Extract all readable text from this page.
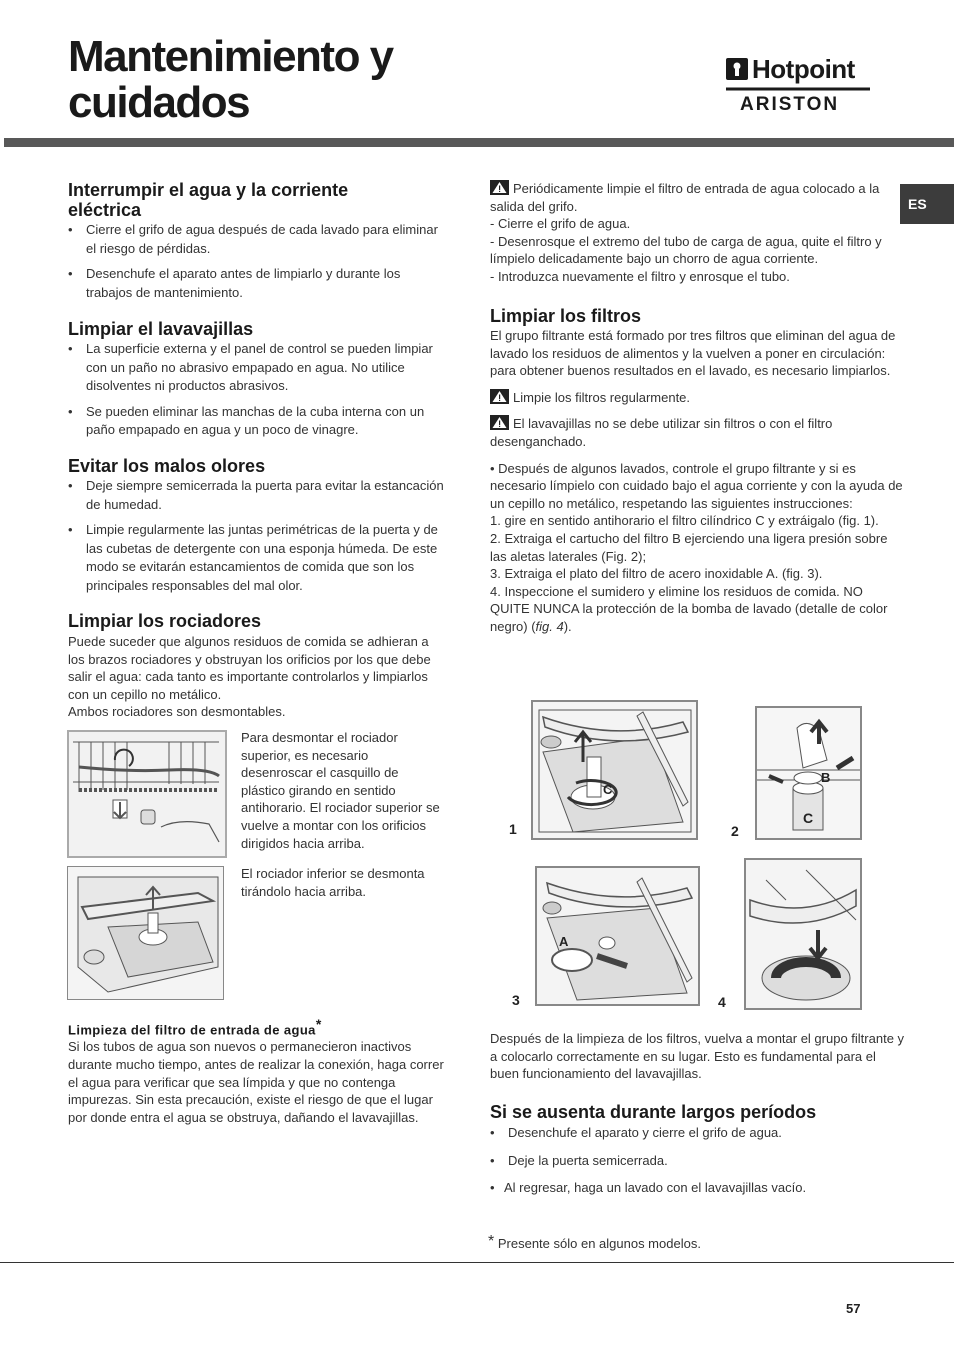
Mantenimiento y
cuidados
Hotpoint
ARISTON
ES
Interrumpir el agua y la corriente eléctrica
• Cierre el grifo de agua después de cada lavado para eliminar el riesgo de pérdidas.
• Desenchufe el aparato antes de limpiarlo y durante los trabajos de mantenimiento.
Limpiar el lavavajillas
• La superficie externa y el panel de control se pueden limpiar con un paño no abrasivo empapado en agua. No utilice disolventes ni productos abrasivos.
• Se pueden eliminar las manchas de la cuba interna con un paño empapado en agua y un poco de vinagre.
Evitar los malos olores
• Deje siempre semicerrada la puerta para evitar la estancación de humedad.
• Limpie regularmente las juntas perimétricas de la puerta y de las cubetas de detergente con una esponja húmeda. De este modo se evitarán estancamientos de comida que son los principales responsables del mal olor.
Limpiar los rociadores
Puede suceder que algunos residuos de comida se adhieran a los brazos rociadores y obstruyan los orificios por los que debe salir el agua: cada tanto es importante controlarlos y limpiarlos con un cepillo no metálico.
Ambos rociadores son desmontables.
Para desmontar el rociador superior, es necesario desenroscar el casquillo de plástico girando en sentido antihorario. El rociador superior se vuelve a montar con los orificios dirigidos hacia arriba.
El rociador inferior se desmonta tirándolo hacia arriba.
Limpieza del filtro de entrada de agua*
Si los tubos de agua son nuevos o permanecieron inactivos durante mucho tiempo, antes de realizar la conexión, haga correr el agua para verificar que sea límpida y que no contenga impurezas. Sin esta precaución, existe el riesgo de que el lugar por donde entra el agua se obstruya, dañando el lavavajillas.
Periódicamente limpie el filtro de entrada de agua colocado a la salida del grifo.
- Cierre el grifo de agua.
- Desenrosque el extremo del tubo de carga de agua, quite el filtro y límpielo delicadamente bajo un chorro de agua corriente.
- Introduzca nuevamente el filtro y enrosque el tubo.
Limpiar los filtros
El grupo filtrante está formado por tres filtros que eliminan del agua de lavado los residuos de alimentos y la vuelven a poner en circulación: para obtener buenos resultados en el lavado, es necesario limpiarlos.
Limpie los filtros regularmente.
El lavavajillas no se debe utilizar sin filtros o con el filtro desenganchado.
• Después de algunos lavados, controle el grupo filtrante y si es necesario límpielo con cuidado bajo el agua corriente y con la ayuda de un cepillo no metálico, respetando las siguientes instrucciones:
1. gire en sentido antihorario el filtro cilíndrico C y extráigalo (fig. 1).
2. Extraiga el cartucho del filtro B ejerciendo una ligera presión sobre las aletas laterales (Fig. 2);
3. Extraiga el plato del filtro de acero inoxidable A. (fig. 3).
4. Inspeccione el sumidero y elimine los residuos de comida. NO QUITE NUNCA la protección de la bomba de lavado (detalle de color negro) (fig. 4).
C
1
B
C
2
A
3	4
Después de la limpieza de los filtros, vuelva a montar el grupo filtrante y a colocarlo correctamente en su lugar. Esto es fundamental para el buen funcionamiento del lavavajillas.
Si se ausenta durante largos períodos
• Desenchufe el aparato y cierre el grifo de agua.
• Deje la puerta semicerrada.
• Al regresar, haga un lavado con el lavavajillas vacío.
* Presente sólo en algunos modelos.
57
